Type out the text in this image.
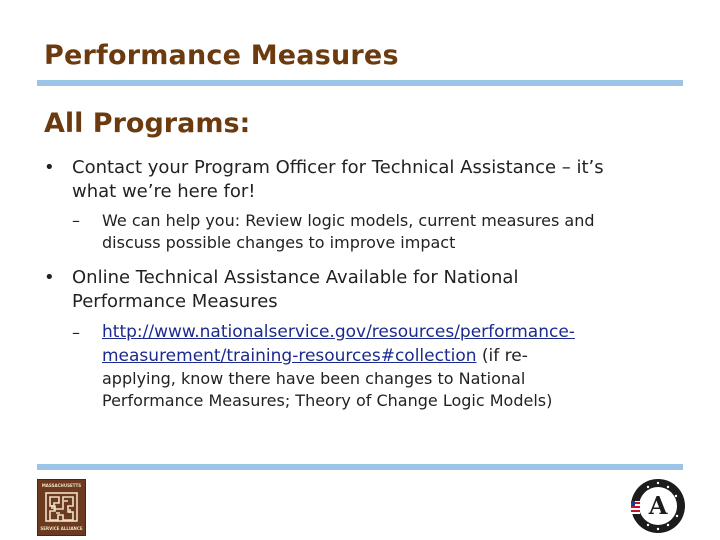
Performance Measures
All Programs:
• Contact your Program Officer for Technical Assistance – it’s
what we’re here for!
– We can help you: Review logic models, current measures and
discuss possible changes to improve impact
• Online Technical Assistance Available for National
Performance Measures
– http://www.nationalservice.gov/resources/performance-
measurement/training-resources#collection (if re-
applying, know there have been changes to National
Performance Measures; Theory of Change Logic Models)
MASSACHUSETTS
SERVICE ALLIANCE
A
